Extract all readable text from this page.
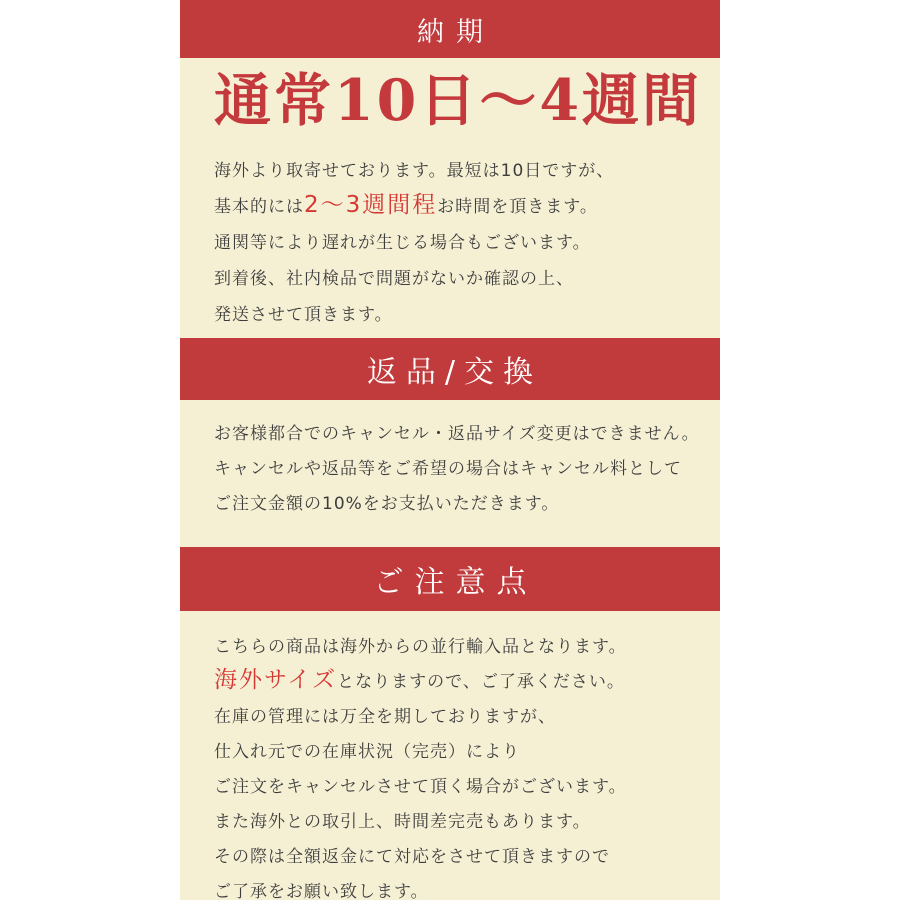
納期
通常10日～4週間

海外より取寄せております。最短は10日ですが、

基本的には2～3週間程お時間を頂きます。

通関等により遅れが生じる場合もございます。

到着後、社内検品で問題がないか確認の上、

発送させて頂きます。

返品/交換

お客様都合でのキャンセル・返品サイズ変更はできません。

キャンセルや返品等をご希望の場合はキャンセル料として

ご注文金額の10%をお支払いただきます。

ご注意点

こちらの商品は海外からの並行輸入品となります。

海外サイズとなりますので、ご了承ください。

在庫の管理には万全を期しておりますが、

仕入れ元での在庫状況（完売）により

ご注文をキャンセルさせて頂く場合がございます。

また海外との取引上、時間差完売もあります。

その際は全額返金にて対応をさせて頂きますので

ご了承をお願い致します。
